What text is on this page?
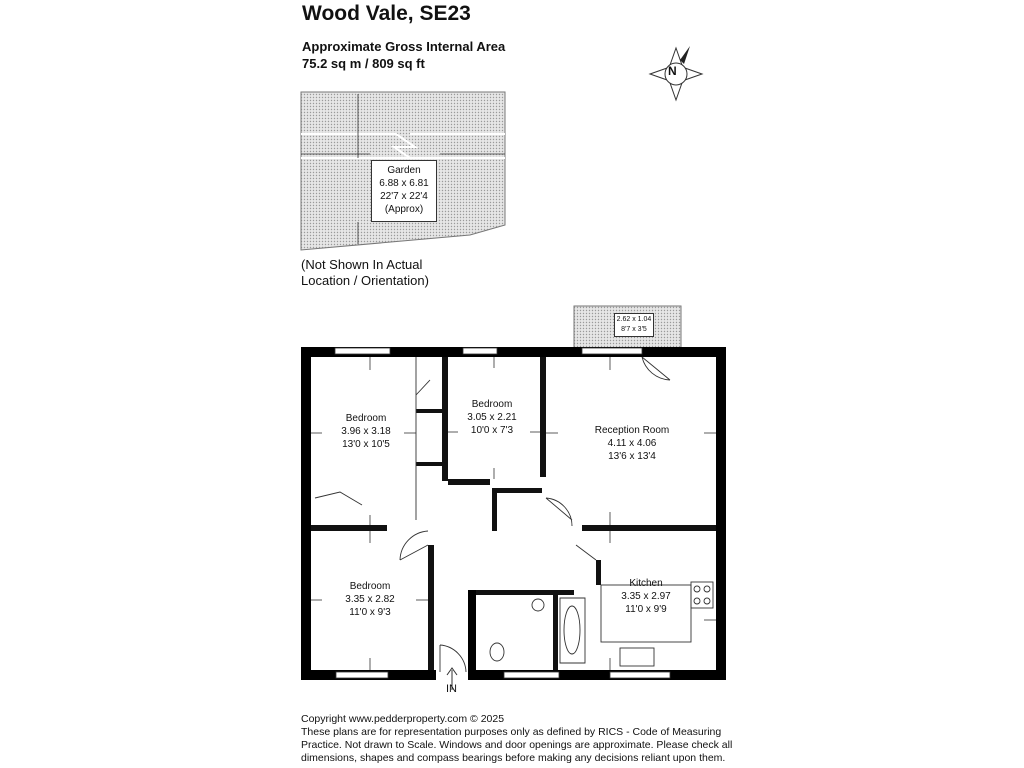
Wood Vale, SE23
Approximate Gross Internal Area
75.2 sq m / 809 sq ft	N
Garden
6.88 x 6.81
22'7 x 22'4
(Approx)
(Not Shown In Actual
Location / Orientation)
2.62 x 1.04
8'7 x 3'5
Bedroom
3.96 x 3.18
13'0 x 10'5
Bedroom
3.05 x 2.21
10'0 x 7'3	Reception Room
4.11 x 4.06
13'6 x 13'4
Bedroom
3.35 x 2.82
11'0 x 9'3
Kitchen
3.35 x 2.97
11'0 x 9'9
IN
Copyright www.pedderproperty.com © 2025
These plans are for representation purposes only as defined by RICS - Code of Measuring
Practice. Not drawn to Scale. Windows and door openings are approximate. Please check all
dimensions, shapes and compass bearings before making any decisions reliant upon them.
